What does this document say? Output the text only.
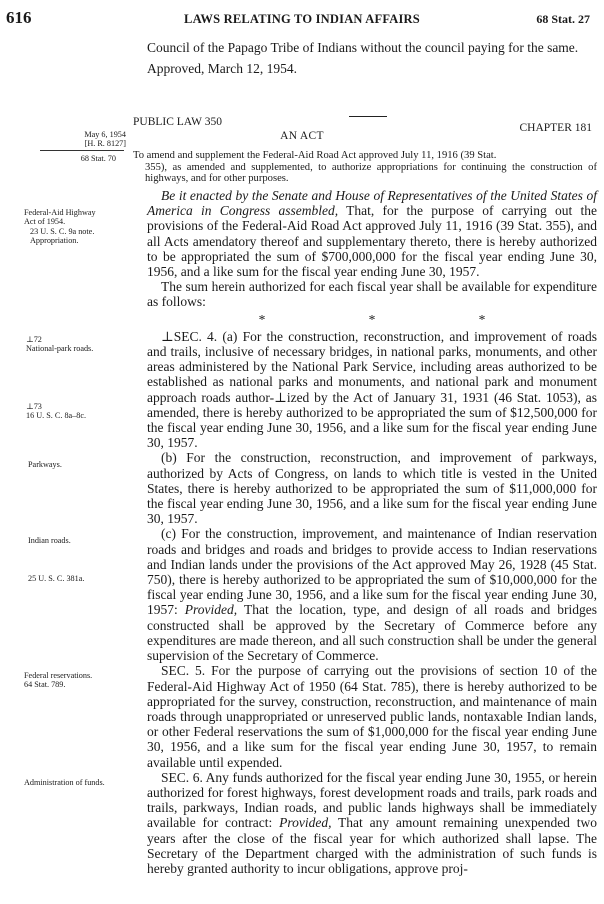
616	LAWS RELATING TO INDIAN AFFAIRS	68 Stat. 27

Council of the Papago Tribe of Indians without the council paying for the same.

Approved, March 12, 1954.

PUBLIC LAW 350	CHAPTER 181
AN ACT
May 6, 1954
[H. R. 8127]
68 Stat. 70 To amend and supplement the Federal-Aid Road Act approved July 11, 1916 (39 Stat.
355), as amended and supplemented, to authorize appropriations for continuing the construction of highways, and for other purposes.
Federal-Aid Highway
Act of 1954.
23 U. S. C. 9a note.
Appropriation.
⊥72
National-park roads.
⊥73
16 U. S. C. 8a–8c.
Parkways.
Indian roads.
25 U. S. C. 381a.
Federal reservations.
64 Stat. 789.
Administration of funds.

Be it enacted by the Senate and House of Representatives of the United States of America in Congress assembled, That, for the purpose of carrying out the provisions of the Federal-Aid Road Act approved July 11, 1916 (39 Stat. 355), and all Acts amendatory thereof and supplementary thereto, there is hereby authorized to be appropriated the sum of $700,000,000 for the fiscal year ending June 30, 1956, and a like sum for the fiscal year ending June 30, 1957.

The sum herein authorized for each fiscal year shall be available for expenditure as follows:

*	*	*

⊥SEC. 4. (a) For the construction, reconstruction, and improvement of roads and trails, inclusive of necessary bridges, in national parks, monuments, and other areas administered by the National Park Service, including areas authorized to be established as national parks and monuments, and national park and monument approach roads author-⊥ized by the Act of January 31, 1931 (46 Stat. 1053), as amended, there is hereby authorized to be appropriated the sum of $12,500,000 for the fiscal year ending June 30, 1956, and a like sum for the fiscal year ending June 30, 1957.

(b) For the construction, reconstruction, and improvement of parkways, authorized by Acts of Congress, on lands to which title is vested in the United States, there is hereby authorized to be appropriated the sum of $11,000,000 for the fiscal year ending June 30, 1956, and a like sum for the fiscal year ending June 30, 1957.

(c) For the construction, improvement, and maintenance of Indian reservation roads and bridges and roads and bridges to provide access to Indian reservations and Indian lands under the provisions of the Act approved May 26, 1928 (45 Stat. 750), there is hereby authorized to be appropriated the sum of $10,000,000 for the fiscal year ending June 30, 1956, and a like sum for the fiscal year ending June 30, 1957: Provided, That the location, type, and design of all roads and bridges constructed shall be approved by the Secretary of Commerce before any expenditures are made thereon, and all such construction shall be under the general supervision of the Secretary of Commerce.

SEC. 5. For the purpose of carrying out the provisions of section 10 of the Federal-Aid Highway Act of 1950 (64 Stat. 785), there is hereby authorized to be appropriated for the survey, construction, reconstruction, and maintenance of main roads through unappropriated or unreserved public lands, nontaxable Indian lands, or other Federal reservations the sum of $1,000,000 for the fiscal year ending June 30, 1956, and a like sum for the fiscal year ending June 30, 1957, to remain available until expended.

SEC. 6. Any funds authorized for the fiscal year ending June 30, 1955, or herein authorized for forest highways, forest development roads and trails, park roads and trails, parkways, Indian roads, and public lands highways shall be immediately available for contract: Provided, That any amount remaining unexpended two years after the close of the fiscal year for which authorized shall lapse. The Secretary of the Department charged with the administration of such funds is hereby granted authority to incur obligations, approve proj-
